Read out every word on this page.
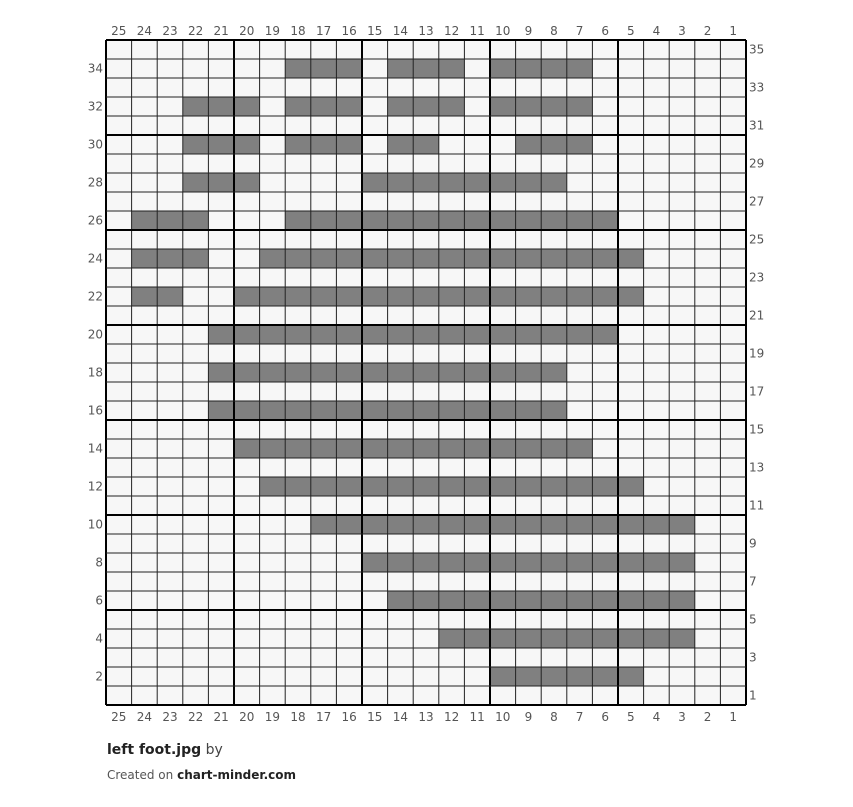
25
25
24
24
23
23
22
22
21
21
20
20
19
19
18
18
17
17
16
16
15
15
14
14
13
13
12
12
11
11
10
10
9
9
8
8
7
7
6
6
5
5
4
4
3
3
2
2
1
1
34
32
30
28
26
24
22
20
18
16
14
12
10
8
6
4
2
35
33
31
29
27
25
23
21
19
17
15
13
11
9
7
5
3
1
left foot.jpg by
Created on chart-minder.com
